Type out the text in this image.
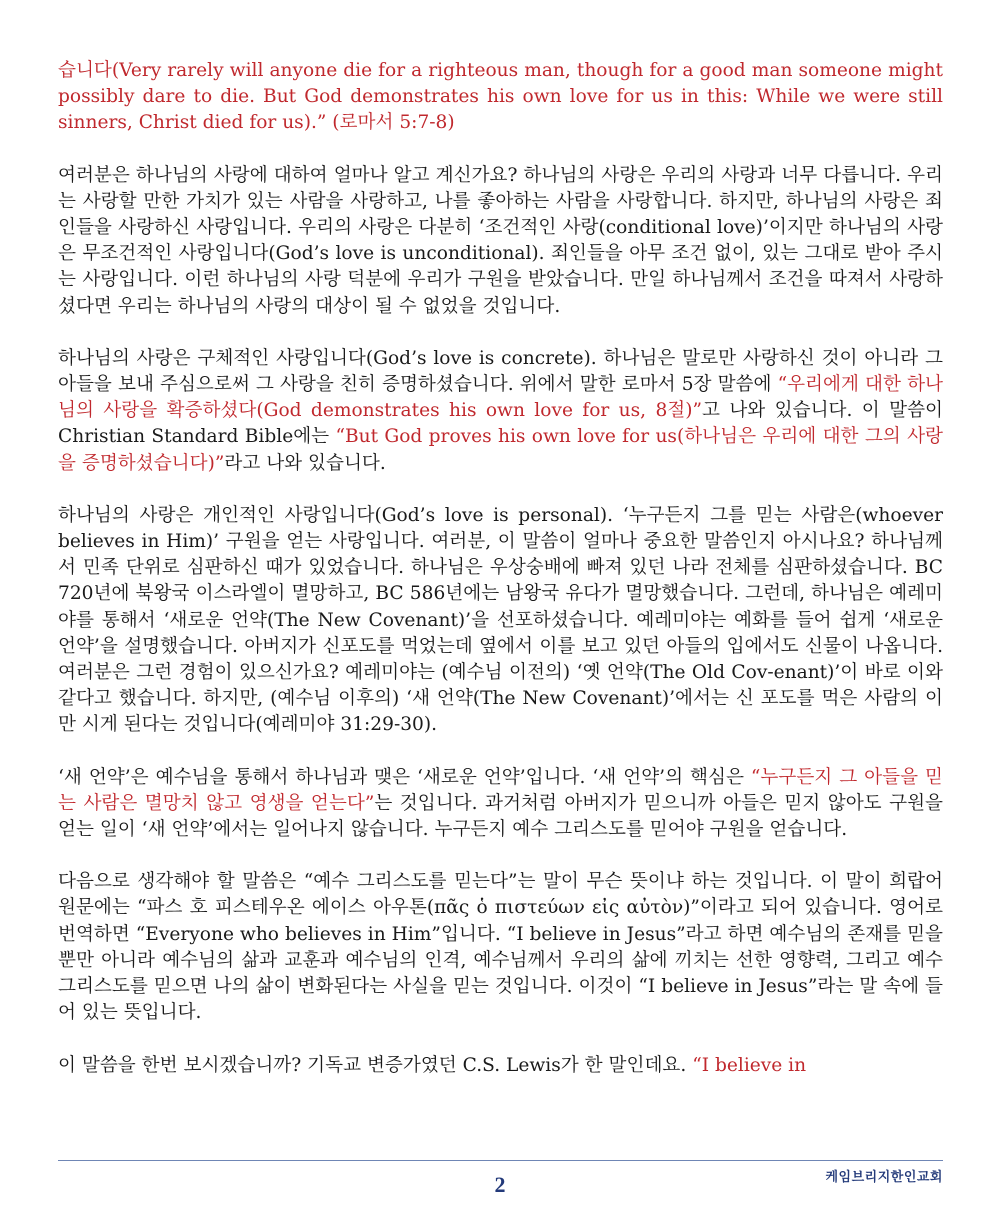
습니다(Very rarely will anyone die for a righteous man, though for a good man someone might possibly dare to die. But God demonstrates his own love for us in this: While we were still sinners, Christ died for us).” (로마서 5:7-8)

여러분은 하나님의 사랑에 대하여 얼마나 알고 계신가요? 하나님의 사랑은 우리의 사랑과 너무 다릅니다. 우리는 사랑할 만한 가치가 있는 사람을 사랑하고, 나를 좋아하는 사람을 사랑합니다. 하지만, 하나님의 사랑은 죄인들을 사랑하신 사랑입니다. 우리의 사랑은 다분히 ‘조건적인 사랑(conditional love)’이지만 하나님의 사랑은 무조건적인 사랑입니다(God’s love is unconditional). 죄인들을 아무 조건 없이, 있는 그대로 받아 주시는 사랑입니다. 이런 하나님의 사랑 덕분에 우리가 구원을 받았습니다. 만일 하나님께서 조건을 따져서 사랑하셨다면 우리는 하나님의 사랑의 대상이 될 수 없었을 것입니다.

하나님의 사랑은 구체적인 사랑입니다(God’s love is concrete). 하나님은 말로만 사랑하신 것이 아니라 그 아들을 보내 주심으로써 그 사랑을 친히 증명하셨습니다. 위에서 말한 로마서 5장 말씀에 “우리에게 대한 하나님의 사랑을 확증하셨다(God demonstrates his own love for us, 8절)”고 나와 있습니다. 이 말씀이 Christian Standard Bible에는 “But God proves his own love for us(하나님은 우리에 대한 그의 사랑을 증명하셨습니다)”라고 나와 있습니다.

하나님의 사랑은 개인적인 사랑입니다(God’s love is personal). ‘누구든지 그를 믿는 사람은(whoever believes in Him)’ 구원을 얻는 사랑입니다. 여러분, 이 말씀이 얼마나 중요한 말씀인지 아시나요? 하나님께서 민족 단위로 심판하신 때가 있었습니다. 하나님은 우상숭배에 빠져 있던 나라 전체를 심판하셨습니다. BC 720년에 북왕국 이스라엘이 멸망하고, BC 586년에는 남왕국 유다가 멸망했습니다. 그런데, 하나님은 예레미야를 통해서 ‘새로운 언약(The New Covenant)’을 선포하셨습니다. 예레미야는 예화를 들어 쉽게 ‘새로운 언약’을 설명했습니다. 아버지가 신포도를 먹었는데 옆에서 이를 보고 있던 아들의 입에서도 신물이 나옵니다. 여러분은 그런 경험이 있으신가요? 예레미야는 (예수님 이전의) ‘옛 언약(The Old Cov-enant)’이 바로 이와 같다고 했습니다. 하지만, (예수님 이후의) ‘새 언약(The New Covenant)’에서는 신 포도를 먹은 사람의 이만 시게 된다는 것입니다(예레미야 31:29-30).

‘새 언약’은 예수님을 통해서 하나님과 맺은 ‘새로운 언약’입니다. ‘새 언약’의 핵심은 “누구든지 그 아들을 믿는 사람은 멸망치 않고 영생을 얻는다”는 것입니다. 과거처럼 아버지가 믿으니까 아들은 믿지 않아도 구원을 얻는 일이 ‘새 언약’에서는 일어나지 않습니다. 누구든지 예수 그리스도를 믿어야 구원을 얻습니다.

다음으로 생각해야 할 말씀은 “예수 그리스도를 믿는다”는 말이 무슨 뜻이냐 하는 것입니다. 이 말이 희랍어 원문에는 “파스 호 피스테우온 에이스 아우톤(πᾶς ὁ πιστεύων εἰς αὐτὸν)”이라고 되어 있습니다. 영어로 번역하면 “Everyone who believes in Him”입니다. “I believe in Jesus”라고 하면 예수님의 존재를 믿을 뿐만 아니라 예수님의 삶과 교훈과 예수님의 인격, 예수님께서 우리의 삶에 끼치는 선한 영향력, 그리고 예수 그리스도를 믿으면 나의 삶이 변화된다는 사실을 믿는 것입니다. 이것이 “I believe in Jesus”라는 말 속에 들어 있는 뜻입니다.

이 말씀을 한번 보시겠습니까? 기독교 변증가였던 C.S. Lewis가 한 말인데요. “I believe in

2	케임브리지한인교회
